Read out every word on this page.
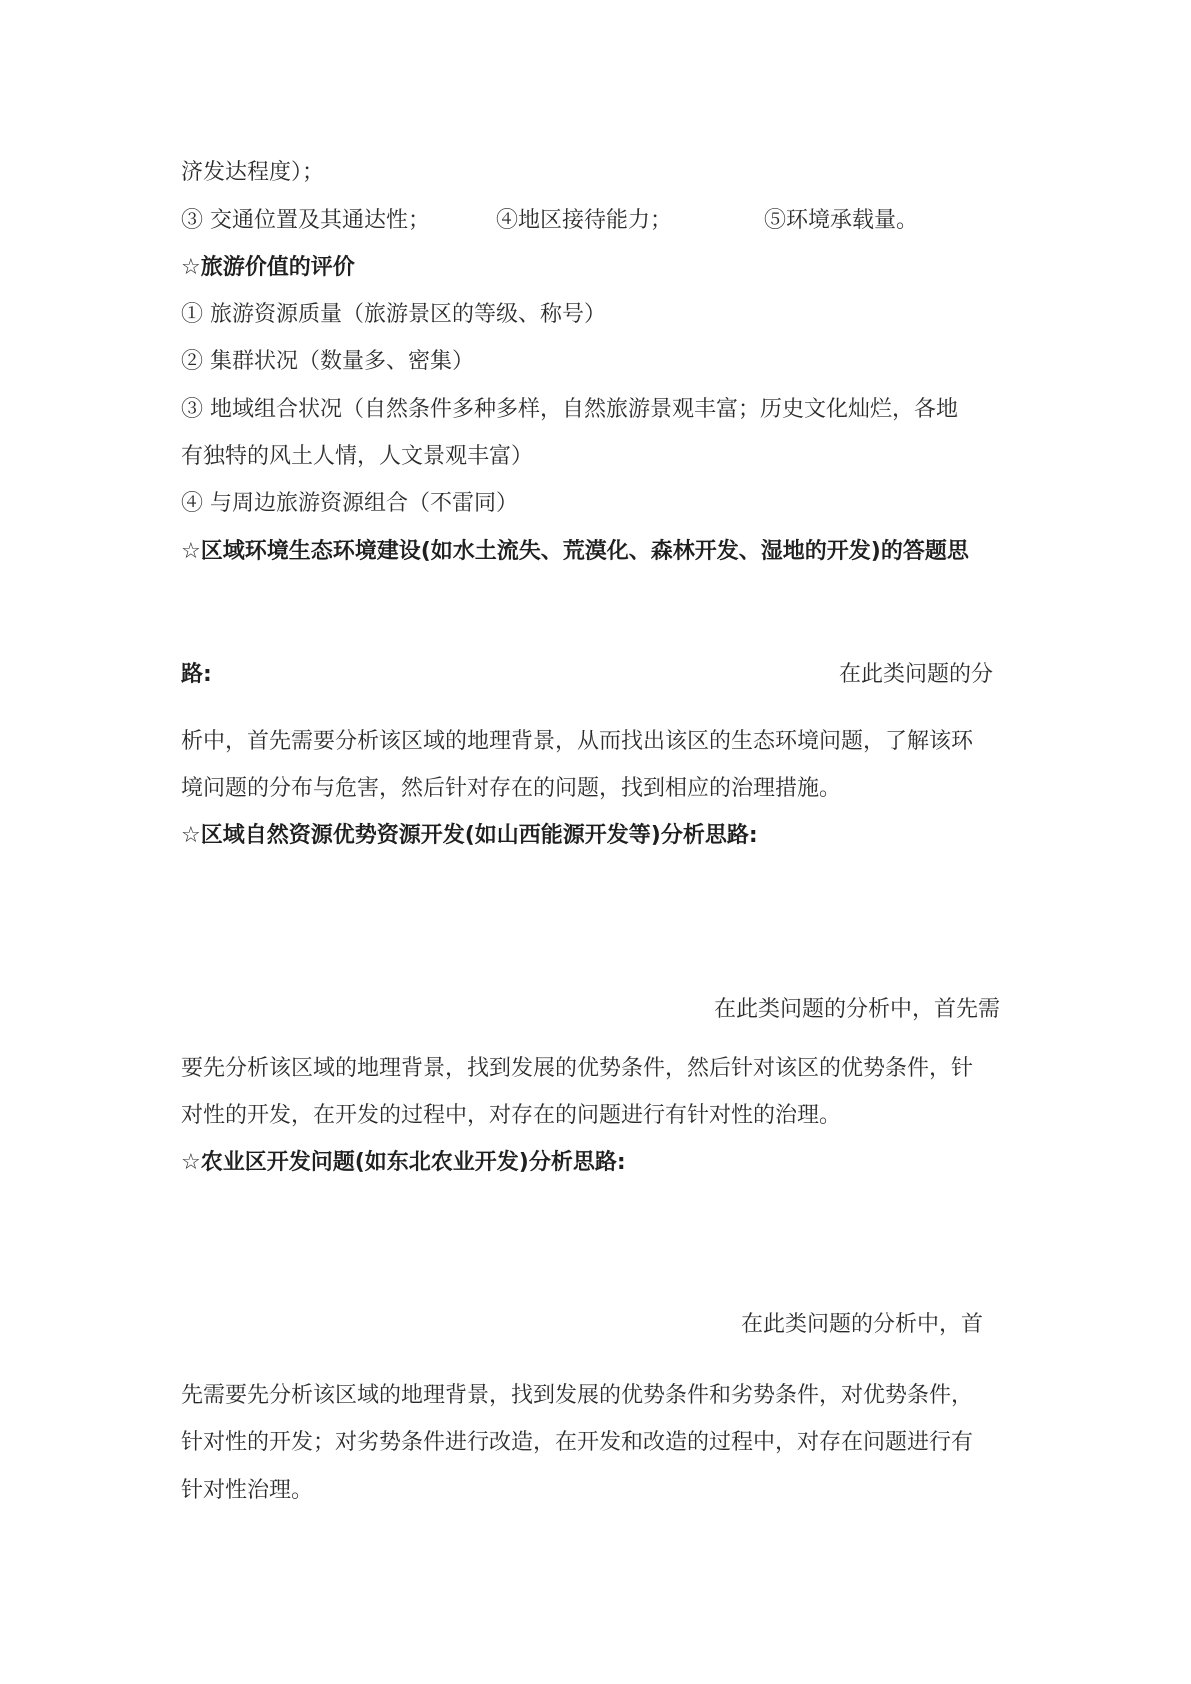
济发达程度）；
③ 交通位置及其通达性；	④地区接待能力；	⑤环境承载量。
☆旅游价值的评价
① 旅游资源质量（旅游景区的等级、称号）
② 集群状况（数量多、密集）
③ 地域组合状况（自然条件多种多样，自然旅游景观丰富；历史文化灿烂，各地
有独特的风土人情，人文景观丰富）
④ 与周边旅游资源组合（不雷同）
☆区域环境生态环境建设(如水土流失、荒漠化、森林开发、湿地的开发)的答题思
路:	在此类问题的分
析中，首先需要分析该区域的地理背景，从而找出该区的生态环境问题，了解该环
境问题的分布与危害，然后针对存在的问题，找到相应的治理措施。
☆区域自然资源优势资源开发(如山西能源开发等)分析思路:
在此类问题的分析中，首先需
要先分析该区域的地理背景，找到发展的优势条件，然后针对该区的优势条件，针
对性的开发，在开发的过程中，对存在的问题进行有针对性的治理。
☆农业区开发问题(如东北农业开发)分析思路:
在此类问题的分析中，首
先需要先分析该区域的地理背景，找到发展的优势条件和劣势条件，对优势条件，
针对性的开发；对劣势条件进行改造，在开发和改造的过程中，对存在问题进行有
针对性治理。
